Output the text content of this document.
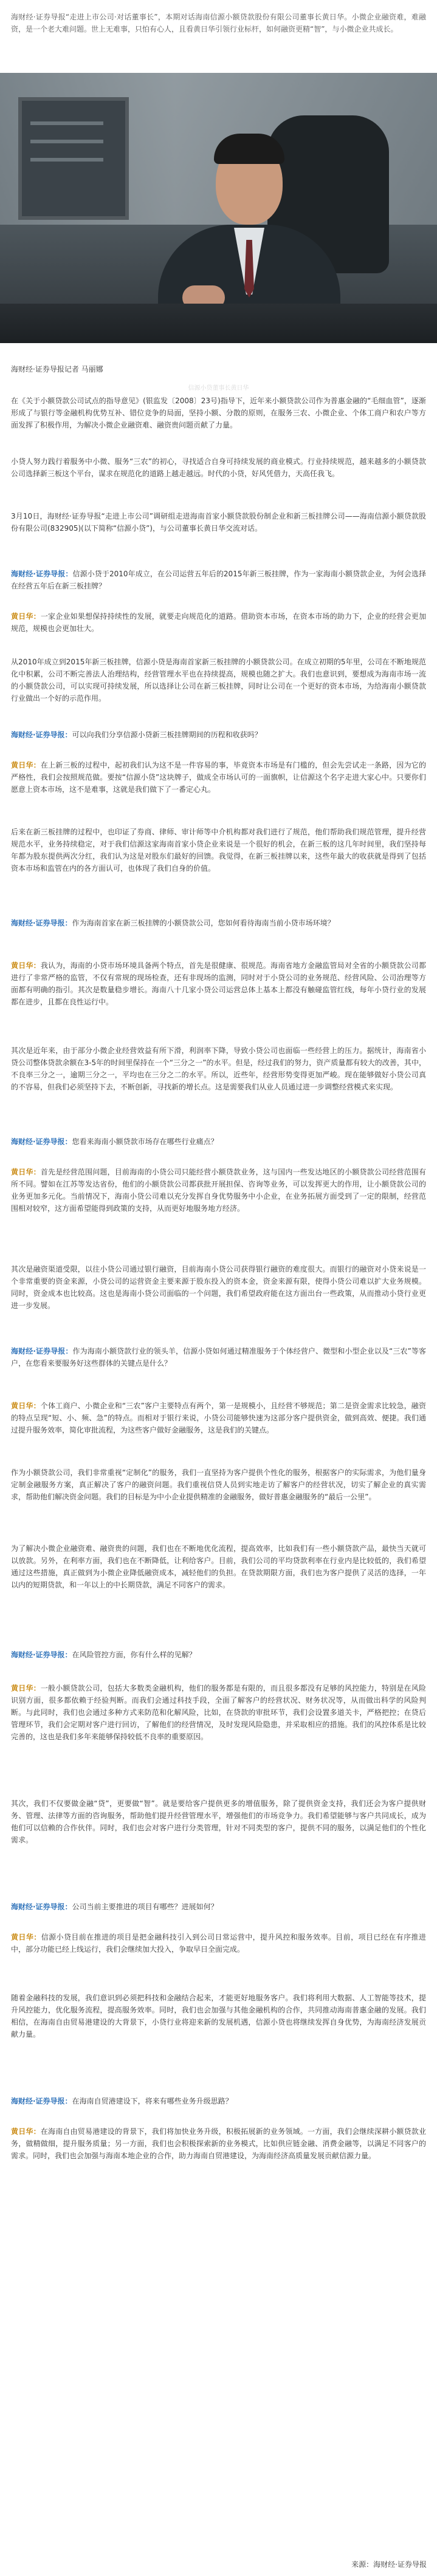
海财经·证券导报“走进上市公司·对话董事长”，本期对话海南信源小额贷款股份有限公司董事长黄日华。小微企业融资难，难融资，是一个老大难问题。世上无难事，只怕有心人，且看黄日华引领行业标杆，如何融资更精“智”，与小微企业共成长。

信源小贷董事长黄日华
海财经·证券导报记者 马丽娜

在《关于小额贷款公司试点的指导意见》(银监发〔2008〕23号)指导下，近年来小额贷款公司作为普惠金融的“毛细血管”，逐渐形成了与银行等金融机构优势互补、错位竞争的局面，坚持小额、分散的原则，在服务三农、小微企业、个体工商户和农户等方面发挥了积极作用，为解决小微企业融资难、融资贵问题贡献了力量。

小贷人努力践行着服务中小微、服务“三农”的初心，寻找适合自身可持续发展的商业模式。行业持续规范，越来越多的小额贷款公司选择新三板这个平台，谋求在规范化的道路上越走越远。时代的小贷，好风凭借力，天高任我飞。

3月10日，海财经·证券导报“走进上市公司”调研组走进海南首家小额贷款股份制企业和新三板挂牌公司——海南信源小额贷款股份有限公司(832905)(以下简称“信源小贷”)，与公司董事长黄日华交流对话。

海财经·证券导报：信源小贷于2010年成立，在公司运营五年后的2015年新三板挂牌，作为一家海南小额贷款企业，为何会选择在经营五年后在新三板挂牌？

黄日华：一家企业如果想保持持续性的发展，就要走向规范化的道路。借助资本市场，在资本市场的助力下，企业的经营会更加规范，规模也会更加壮大。

从2010年成立到2015年新三板挂牌，信源小贷是海南首家新三板挂牌的小额贷款公司。在成立初期的5年里，公司在不断地规范化中积累，公司不断完善法人治理结构，经营管理水平也在持续提高，规模也随之扩大。我们也意识到，要想成为海南市场一流的小额贷款公司，可以实现可持续发展，所以选择让公司在新三板挂牌，同时让公司在一个更好的资本市场，为给海南小额贷款行业做出一个好的示范作用。

海财经·证券导报：可以向我们分享信源小贷新三板挂牌期间的历程和收获吗？

黄日华：在上新三板的过程中，起初我们认为这不是一件容易的事，毕竟资本市场是有门槛的，但会先尝试走一条路，因为它的严格性，我们会按照规范做。要按“信源小贷”这块牌子，做成全市场认可的一面旗帜，让信源这个名字走进大家心中。只要你们愿意上资本市场，这不是难事，这就是我们做下了一番定心丸。

后来在新三板挂牌的过程中，也印证了券商、律师、审计师等中介机构都对我们进行了规范，他们帮助我们规范管理，提升经营规范水平，业务持续稳定，对于我们信源这家海南首家小贷企业来说是一个很好的机会，在新三板的这几年时间里，我们坚持每年都为股东提供两次分红，我们认为这是对股东们最好的回馈。我觉得，在新三板挂牌以来，这些年最大的收获就是得到了包括资本市场和监管在内的各方面认可，也体现了我们自身的价值。

海财经·证券导报：作为海南首家在新三板挂牌的小额贷款公司，您如何看待海南当前小贷市场环境？

黄日华：我认为，海南的小贷市场环境具备两个特点，首先是很健康、很规范。海南省地方金融监管局对全省的小额贷款公司都进行了非常严格的监管，不仅有常规的现场检查，还有非现场的监测，同时对于小贷公司的业务规范、经营风险、公司治理等方面都有明确的指引。其次是数量稳步增长。海南八十几家小贷公司运营总体上基本上都没有触碰监管红线，每年小贷行业的发展都在进步，且都在良性运行中。

其次是近年来，由于部分小微企业经营效益有所下滑，利润率下降，导致小贷公司也面临一些经营上的压力。据统计，海南省小贷公司整体贷款余额在3-5年的时间里保持在一个“三分之一”的水平。但是，经过我们的努力，资产质量都有较大的改善，其中，不良率三分之一，逾期三分之一，平均也在三分之二的水平。所以，近些年，经营形势变得更加严峻。现在能够做好小贷公司真的不容易，但我们必须坚持下去，不断创新，寻找新的增长点。这是需要我们从业人员通过进一步调整经营模式来实现。

海财经·证券导报：您看来海南小额贷款市场存在哪些行业痛点？

黄日华：首先是经营范围问题，目前海南的小贷公司只能经营小额贷款业务，这与国内一些发达地区的小额贷款公司经营范围有所不同。譬如在江苏等发达省份，他们的小额贷款公司都获批开展担保、咨询等业务，可以发挥更大的作用，让小额贷款公司的业务更加多元化。当前情况下，海南小贷公司难以充分发挥自身优势服务中小企业，在业务拓展方面受到了一定的限制，经营范围相对较窄，这方面希望能得到政策的支持，从而更好地服务地方经济。

其次是融资渠道受限，以往小贷公司通过银行融资，目前海南小贷公司获得银行融资的难度很大。而银行的融资对小贷来说是一个非常重要的资金来源，小贷公司的运营资金主要来源于股东投入的资本金，资金来源有限，使得小贷公司难以扩大业务规模。同时，资金成本也比较高。这也是海南小贷公司面临的一个问题，我们希望政府能在这方面出台一些政策，从而推动小贷行业更进一步发展。

海财经·证券导报：作为海南小额贷款行业的领头羊，信源小贷如何通过精准服务于个体经营户、微型和小型企业以及“三农”等客户，在您看来要服务好这些群体的关键点是什么？

黄日华：个体工商户、小微企业和“三农”客户主要特点有两个，第一是规模小，且经营不够规范；第二是资金需求比较急，融资的特点呈现“短、小、频、急”的特点。而相对于银行来说，小贷公司能够快速为这部分客户提供资金，做到高效、便捷。我们通过提升服务效率，简化审批流程，为这些客户做好金融服务，这是我们的关键点。

作为小额贷款公司，我们非常重视“定制化”的服务，我们一直坚持为客户提供个性化的服务，根据客户的实际需求，为他们量身定制金融服务方案，真正解决了客户的融资问题。我们重视信贷人员到实地走访了解客户的经营状况，切实了解企业的真实需求，帮助他们解决资金问题。我们的目标是为中小企业提供精准的金融服务，做好普惠金融服务的“最后一公里”。

为了解决小微企业融资难、融资贵的问题，我们也在不断地优化流程，提高效率，比如我们有一些小额贷款产品，最快当天就可以放款。另外，在利率方面，我们也在不断降低，让利给客户。目前，我们公司的平均贷款利率在行业内是比较低的，我们希望通过这些措施，真正做到为小微企业降低融资成本，减轻他们的负担。在贷款期限方面，我们也为客户提供了灵活的选择，一年以内的短期贷款，和一年以上的中长期贷款，满足不同客户的需求。

海财经·证券导报：在风险管控方面，你有什么样的见解？

黄日华：一般小额贷款公司，包括大多数类金融机构，他们的服务都是有限的，而且很多都没有足够的风控能力，特别是在风险识别方面，很多都依赖于经验判断。而我们会通过科技手段，全面了解客户的经营状况、财务状况等，从而做出科学的风险判断。与此同时，我们也会通过多种方式来防范和化解风险，比如，在贷款的审批环节，我们会设置多道关卡，严格把控；在贷后管理环节，我们会定期对客户进行回访，了解他们的经营情况，及时发现风险隐患，并采取相应的措施。我们的风控体系是比较完善的，这也是我们多年来能够保持较低不良率的重要原因。

其次，我们不仅要做金融“贷”，更要做“智”。就是要给客户提供更多的增值服务，除了提供资金支持，我们还会为客户提供财务、管理、法律等方面的咨询服务，帮助他们提升经营管理水平，增强他们的市场竞争力。我们希望能够与客户共同成长，成为他们可以信赖的合作伙伴。同时，我们也会对客户进行分类管理，针对不同类型的客户，提供不同的服务，以满足他们的个性化需求。

海财经·证券导报：公司当前主要推进的项目有哪些？进展如何？

黄日华：信源小贷目前在推进的项目是把金融科技引入到公司日常运营中，提升风控和服务效率。目前，项目已经在有序推进中，部分功能已经上线运行，我们会继续加大投入，争取早日全面完成。

随着金融科技的发展，我们意识到必须把科技和金融结合起来，才能更好地服务客户。我们将利用大数据、人工智能等技术，提升风控能力，优化服务流程，提高服务效率。同时，我们也会加强与其他金融机构的合作，共同推动海南普惠金融的发展。我们相信，在海南自由贸易港建设的大背景下，小贷行业将迎来新的发展机遇，信源小贷也将继续发挥自身优势，为海南经济发展贡献力量。

海财经·证券导报：在海南自贸港建设下，将来有哪些业务升级思路？

黄日华：在海南自由贸易港建设的背景下，我们将加快业务升级，积极拓展新的业务领域。一方面，我们会继续深耕小额贷款业务，做精做细，提升服务质量；另一方面，我们也会积极探索新的业务模式，比如供应链金融、消费金融等，以满足不同客户的需求。同时，我们也会加强与海南本地企业的合作，助力海南自贸港建设，为海南经济高质量发展贡献信源力量。

来源：海财经·证券导报
